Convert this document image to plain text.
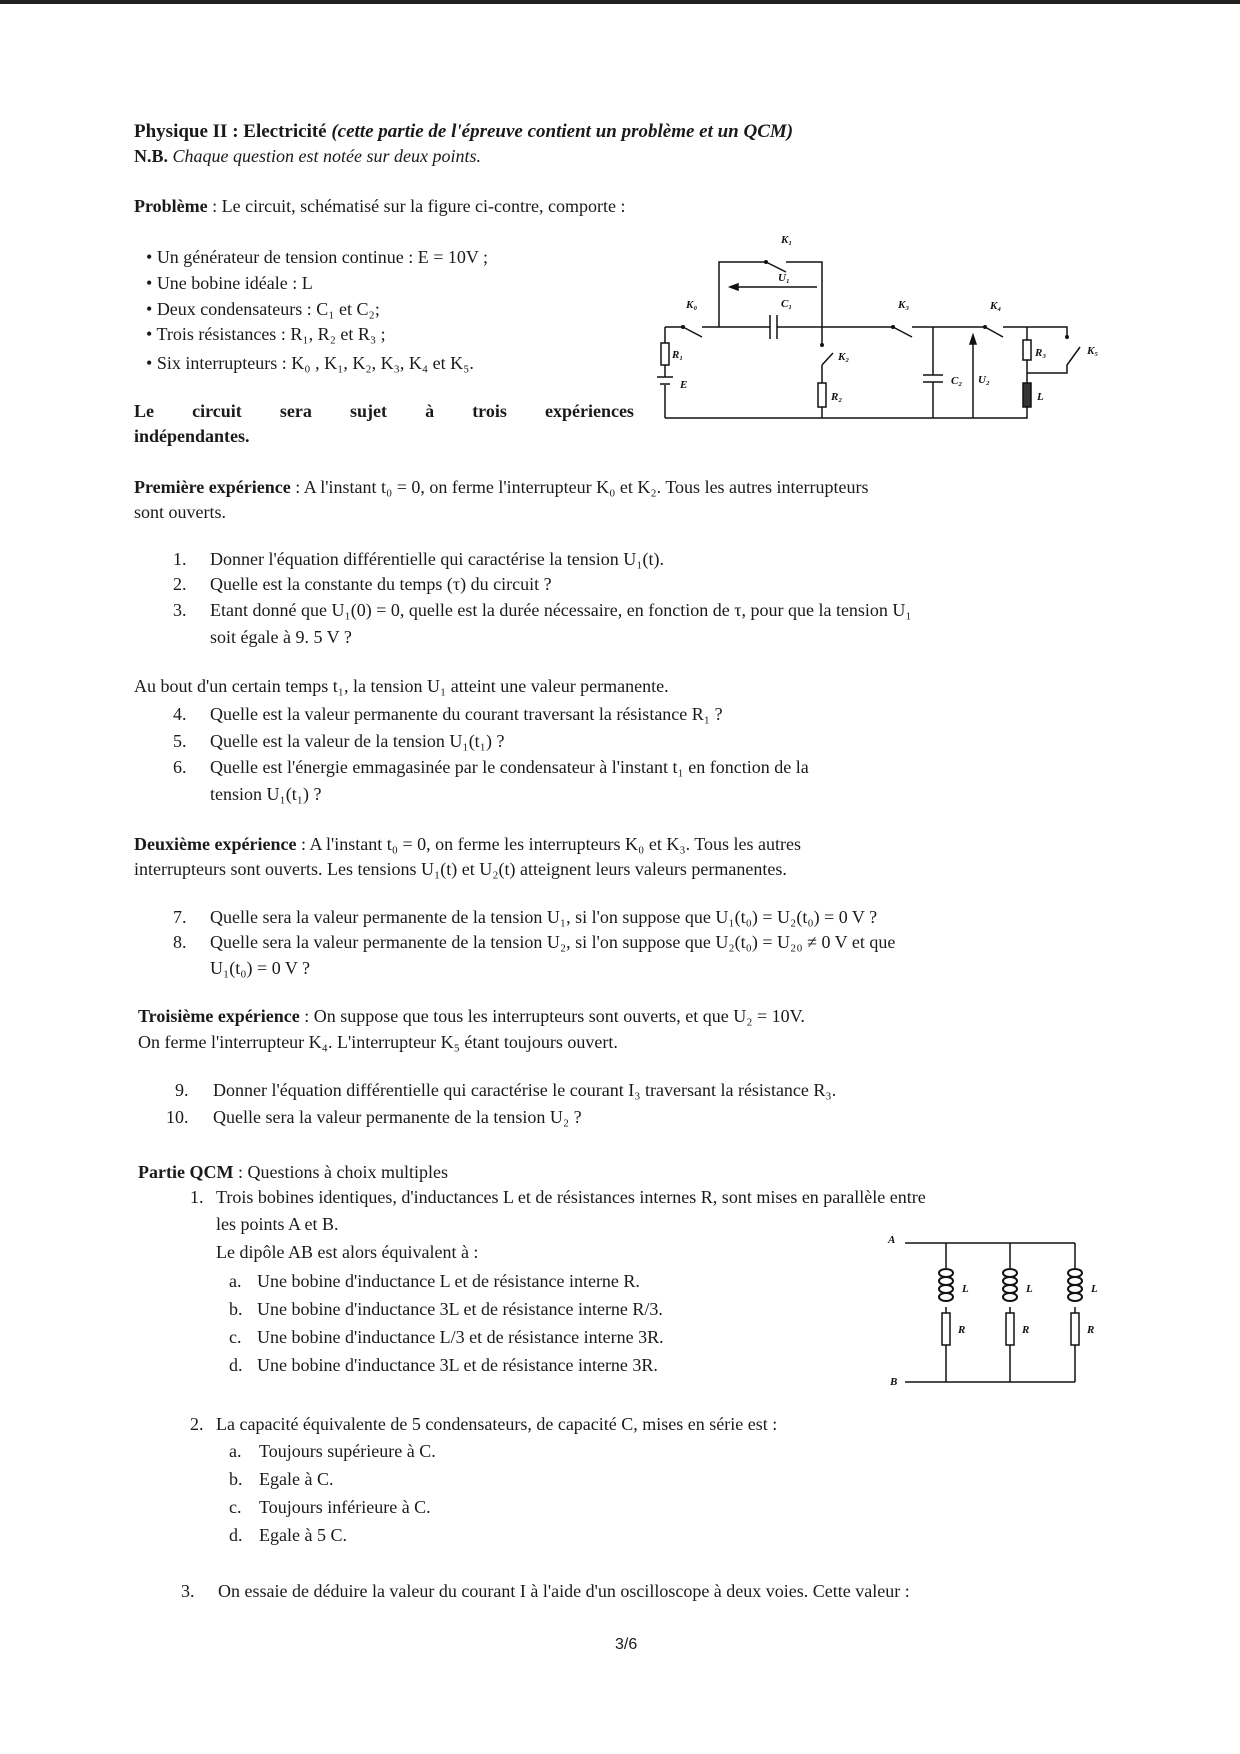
Physique II : Electricité (cette partie de l'épreuve contient un problème et un QCM)
N.B. Chaque question est notée sur deux points.
Problème : Le circuit, schématisé sur la figure ci-contre, comporte :
• Un générateur de tension continue : E = 10V ;
• Une bobine idéale : L
• Deux condensateurs : C₁ et C₂;
• Trois résistances : R₁, R₂ et R₃ ;
• Six interrupteurs : K₀ , K₁, K₂, K₃, K₄ et K₅.
Le circuit sera sujet à trois expériences
indépendantes.
K₁
U₁
C₁
K₀	K₃	K₄
K₅
K₂
R₁
E
R₂
C₂ U₂
R₃
L
A
B
L	L	L
R	R	R
Première expérience : A l'instant t₀ = 0, on ferme l'interrupteur K₀ et K₂. Tous les autres interrupteurs
sont ouverts.
1. Donner l'équation différentielle qui caractérise la tension U₁(t).
2. Quelle est la constante du temps (τ) du circuit ?
3. Etant donné que U₁(0) = 0, quelle est la durée nécessaire, en fonction de τ, pour que la tension U₁
soit égale à 9. 5 V ?
Au bout d'un certain temps t₁, la tension U₁ atteint une valeur permanente.
4. Quelle est la valeur permanente du courant traversant la résistance R₁ ?
5. Quelle est la valeur de la tension U₁(t₁) ?
6. Quelle est l'énergie emmagasinée par le condensateur à l'instant t₁ en fonction de la
tension U₁(t₁) ?
Deuxième expérience : A l'instant t₀ = 0, on ferme les interrupteurs K₀ et K₃. Tous les autres
interrupteurs sont ouverts. Les tensions U₁(t) et U₂(t) atteignent leurs valeurs permanentes.
7. Quelle sera la valeur permanente de la tension U₁, si l'on suppose que U₁(t₀) = U₂(t₀) = 0 V ?
8. Quelle sera la valeur permanente de la tension U₂, si l'on suppose que U₂(t₀) = U₂₀ ≠ 0 V et que
U₁(t₀) = 0 V ?
Troisième expérience : On suppose que tous les interrupteurs sont ouverts, et que U₂ = 10V.
On ferme l'interrupteur K₄. L'interrupteur K₅ étant toujours ouvert.
9. Donner l'équation différentielle qui caractérise le courant I₃ traversant la résistance R₃.
10. Quelle sera la valeur permanente de la tension U₂ ?
Partie QCM : Questions à choix multiples
1. Trois bobines identiques, d'inductances L et de résistances internes R, sont mises en parallèle entre
les points A et B.
Le dipôle AB est alors équivalent à :
a. Une bobine d'inductance L et de résistance interne R.
b. Une bobine d'inductance 3L et de résistance interne R/3.
c. Une bobine d'inductance L/3 et de résistance interne 3R.
d. Une bobine d'inductance 3L et de résistance interne 3R.
2. La capacité équivalente de 5 condensateurs, de capacité C, mises en série est :
a. Toujours supérieure à C.
b. Egale à C.
c. Toujours inférieure à C.
d. Egale à 5 C.
3. On essaie de déduire la valeur du courant I à l'aide d'un oscilloscope à deux voies. Cette valeur :
3/6
